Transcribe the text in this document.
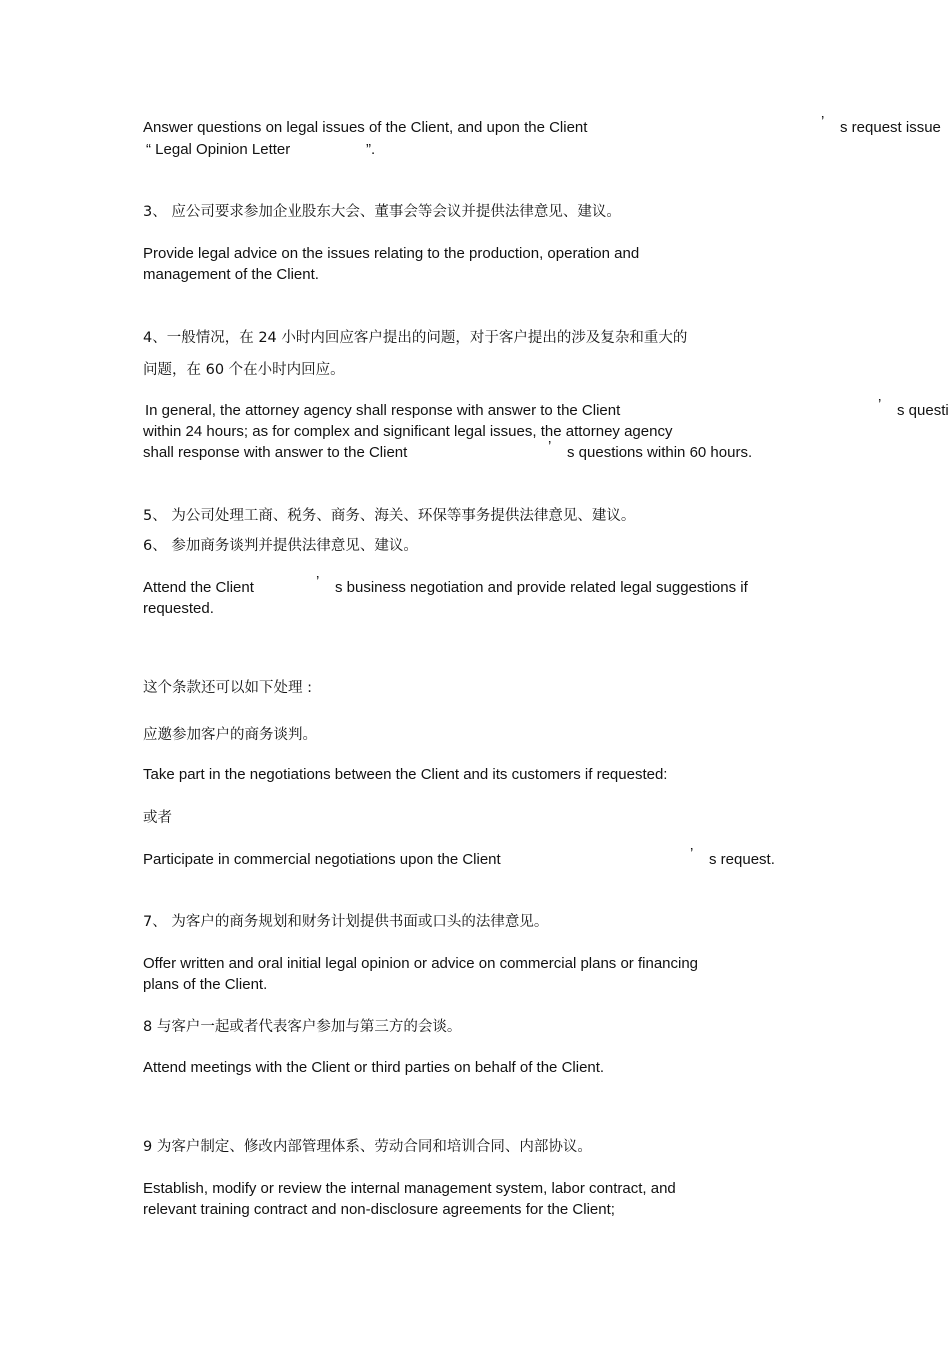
Answer questions on legal issues of the Client, and upon the Client	’ s request issue
“ Legal Opinion Letter	”.
3、 应公司要求参加企业股东大会、董事会等会议并提供法律意见、建议。
Provide legal advice on the issues relating to the production, operation and
management of the Client.
4、一般情况，在 24 小时内回应客户提出的问题，对于客户提出的涉及复杂和重大的
问题，在 60 个在小时内回应。
In general, the attorney agency shall response with answer to the Client	’ s questi
within 24 hours; as for complex and significant legal issues, the attorney agency
shall response with answer to the Client	’ s questions within 60 hours.
5、 为公司处理工商、税务、商务、海关、环保等事务提供法律意见、建议。
6、 参加商务谈判并提供法律意见、建议。
Attend the Client	’ s business negotiation and provide related legal suggestions if
requested.
这个条款还可以如下处理 :
应邀参加客户的商务谈判。
Take part in the negotiations between the Client and its customers if requested:
或者
Participate in commercial negotiations upon the Client	’ s request.
7、 为客户的商务规划和财务计划提供书面或口头的法律意见。
Offer written and oral initial legal opinion or advice on commercial plans or financing
plans of the Client.
8 与客户一起或者代表客户参加与第三方的会谈。
Attend meetings with the Client or third parties on behalf of the Client.
9 为客户制定、修改内部管理体系、劳动合同和培训合同、内部协议。
Establish, modify or review the internal management system, labor contract, and
relevant training contract and non-disclosure agreements for the Client;
